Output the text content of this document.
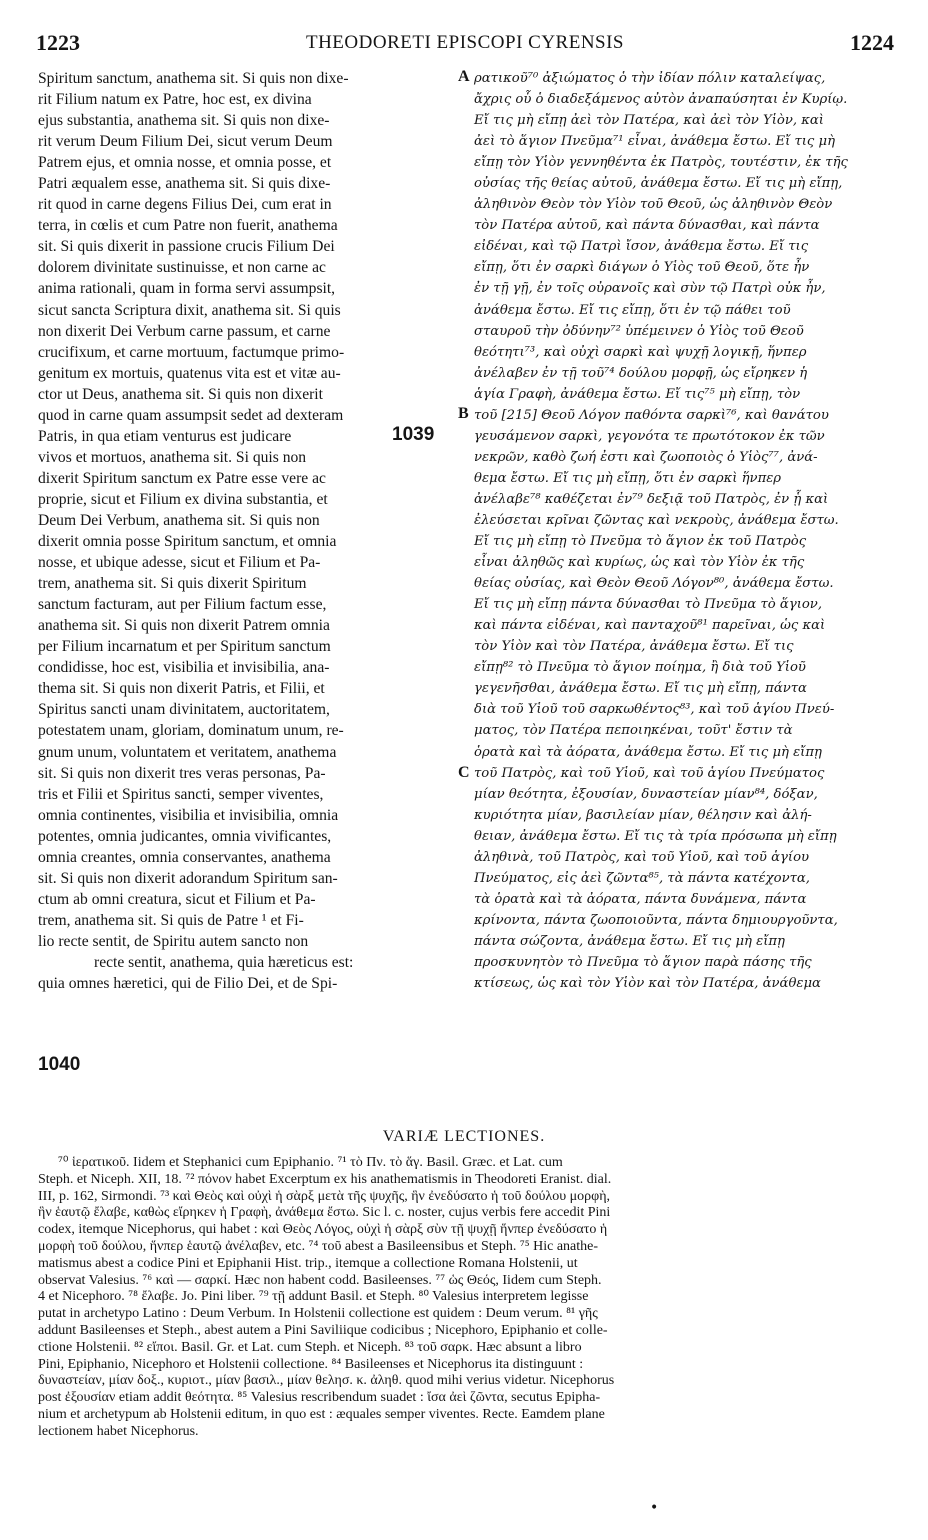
1223	THEODORETI EPISCOPI CYRENSIS	1224
Spiritum sanctum, anathema sit. Si quis non dixe-
rit Filium natum ex Patre, hoc est, ex divina
ejus substantia, anathema sit. Si quis non dixe-
rit verum Deum Filium Dei, sicut verum Deum
Patrem ejus, et omnia nosse, et omnia posse, et
Patri æqualem esse, anathema sit. Si quis dixe-
rit quod in carne degens Filius Dei, cum erat in
terra, in cœlis et cum Patre non fuerit, anathema
sit. Si quis dixerit in passione crucis Filium Dei
dolorem divinitate sustinuisse, et non carne ac
anima rationali, quam in forma servi assumpsit,
sicut sancta Scriptura dixit, anathema sit. Si quis
non dixerit Dei Verbum carne passum, et carne
crucifixum, et carne mortuum, factumque primo-
genitum ex mortuis, quatenus vita est et vitæ au-
ctor ut Deus, anathema sit. Si quis non dixerit
quod in carne quam assumpsit sedet ad dexteram
Patris, in qua etiam venturus est judicare
vivos et mortuos, anathema sit. Si quis non
dixerit Spiritum sanctum ex Patre esse vere ac
proprie, sicut et Filium ex divina substantia, et
Deum Dei Verbum, anathema sit. Si quis non
dixerit omnia posse Spiritum sanctum, et omnia
nosse, et ubique adesse, sicut et Filium et Pa-
trem, anathema sit. Si quis dixerit Spiritum
sanctum facturam, aut per Filium factum esse,
anathema sit. Si quis non dixerit Patrem omnia
per Filium incarnatum et per Spiritum sanctum
condidisse, hoc est, visibilia et invisibilia, ana-
thema sit. Si quis non dixerit Patris, et Filii, et
Spiritus sancti unam divinitatem, auctoritatem,
potestatem unam, gloriam, dominatum unum, re-
gnum unum, voluntatem et veritatem, anathema
sit. Si quis non dixerit tres veras personas, Pa-
tris et Filii et Spiritus sancti, semper viventes,
omnia continentes, visibilia et invisibilia, omnia
potentes, omnia judicantes, omnia vivificantes,
omnia creantes, omnia conservantes, anathema
sit. Si quis non dixerit adorandum Spiritum san-
ctum ab omni creatura, sicut et Filium et Pa-
trem, anathema sit. Si quis de Patre ¹ et Fi-
lio recte sentit, de Spiritu autem sancto non
recte sentit, anathema, quia hæreticus est:
quia omnes hæretici, qui de Filio Dei, et de Spi-
ρατικοῦ⁷⁰ ἀξιώματος ὁ τὴν ἰδίαν πόλιν καταλείψας,
ἄχρις οὗ ὁ διαδεξάμενος αὐτὸν ἀναπαύσηται ἐν Κυρίῳ.
Εἴ τις μὴ εἴπῃ ἀεὶ τὸν Πατέρα, καὶ ἀεὶ τὸν Υἱὸν, καὶ
ἀεὶ τὸ ἅγιον Πνεῦμα⁷¹ εἶναι, ἀνάθεμα ἔστω. Εἴ τις μὴ
εἴπῃ τὸν Υἱὸν γεννηθέντα ἐκ Πατρὸς, τουτέστιν, ἐκ τῆς
οὐσίας τῆς θείας αὐτοῦ, ἀνάθεμα ἔστω. Εἴ τις μὴ εἴπῃ,
ἀληθινὸν Θεὸν τὸν Υἱὸν τοῦ Θεοῦ, ὡς ἀληθινὸν Θεὸν
τὸν Πατέρα αὐτοῦ, καὶ πάντα δύνασθαι, καὶ πάντα
εἰδέναι, καὶ τῷ Πατρὶ ἴσον, ἀνάθεμα ἔστω. Εἴ τις
εἴπῃ, ὅτι ἐν σαρκὶ διάγων ὁ Υἱὸς τοῦ Θεοῦ, ὅτε ἦν
ἐν τῇ γῇ, ἐν τοῖς οὐρανοῖς καὶ σὺν τῷ Πατρὶ οὐκ ἦν,
ἀνάθεμα ἔστω. Εἴ τις εἴπῃ, ὅτι ἐν τῷ πάθει τοῦ
σταυροῦ τὴν ὀδύνην⁷² ὑπέμεινεν ὁ Υἱὸς τοῦ Θεοῦ
θεότητι⁷³, καὶ οὐχὶ σαρκὶ καὶ ψυχῇ λογικῇ, ἥνπερ
ἀνέλαβεν ἐν τῇ τοῦ⁷⁴ δούλου μορφῇ, ὡς εἴρηκεν ἡ
ἁγία Γραφὴ, ἀνάθεμα ἔστω. Εἴ τις⁷⁵ μὴ εἴπῃ, τὸν
τοῦ [215] Θεοῦ Λόγον παθόντα σαρκὶ⁷⁶, καὶ θανάτου
γευσάμενον σαρκὶ, γεγονότα τε πρωτότοκον ἐκ τῶν
νεκρῶν, καθὸ ζωή ἐστι καὶ ζωοποιὸς ὁ Υἱὸς⁷⁷, ἀνά-
θεμα ἔστω. Εἴ τις μὴ εἴπῃ, ὅτι ἐν σαρκὶ ἥνπερ
ἀνέλαβε⁷⁸ καθέζεται ἐν⁷⁹ δεξιᾷ τοῦ Πατρὸς, ἐν ᾗ καὶ
ἐλεύσεται κρῖναι ζῶντας καὶ νεκροὺς, ἀνάθεμα ἔστω.
Εἴ τις μὴ εἴπῃ τὸ Πνεῦμα τὸ ἅγιον ἐκ τοῦ Πατρὸς
εἶναι ἀληθῶς καὶ κυρίως, ὡς καὶ τὸν Υἱὸν ἐκ τῆς
θείας οὐσίας, καὶ Θεὸν Θεοῦ Λόγον⁸⁰, ἀνάθεμα ἔστω.
Εἴ τις μὴ εἴπῃ πάντα δύνασθαι τὸ Πνεῦμα τὸ ἅγιον,
καὶ πάντα εἰδέναι, καὶ πανταχοῦ⁸¹ παρεῖναι, ὡς καὶ
τὸν Υἱὸν καὶ τὸν Πατέρα, ἀνάθεμα ἔστω. Εἴ τις
εἴπῃ⁸² τὸ Πνεῦμα τὸ ἅγιον ποίημα, ἢ διὰ τοῦ Υἱοῦ
γεγενῆσθαι, ἀνάθεμα ἔστω. Εἴ τις μὴ εἴπῃ, πάντα
διὰ τοῦ Υἱοῦ τοῦ σαρκωθέντος⁸³, καὶ τοῦ ἁγίου Πνεύ-
ματος, τὸν Πατέρα πεποιηκέναι, τοῦτ' ἔστιν τὰ
ὁρατὰ καὶ τὰ ἀόρατα, ἀνάθεμα ἔστω. Εἴ τις μὴ εἴπῃ
τοῦ Πατρὸς, καὶ τοῦ Υἱοῦ, καὶ τοῦ ἁγίου Πνεύματος
μίαν θεότητα, ἐξουσίαν, δυναστείαν μίαν⁸⁴, δόξαν,
κυριότητα μίαν, βασιλείαν μίαν, θέλησιν καὶ ἀλή-
θειαν, ἀνάθεμα ἔστω. Εἴ τις τὰ τρία πρόσωπα μὴ εἴπῃ
ἀληθινὰ, τοῦ Πατρὸς, καὶ τοῦ Υἱοῦ, καὶ τοῦ ἁγίου
Πνεύματος, εἰς ἀεὶ ζῶντα⁸⁵, τὰ πάντα κατέχοντα,
τὰ ὁρατὰ καὶ τὰ ἀόρατα, πάντα δυνάμενα, πάντα
κρίνοντα, πάντα ζωοποιοῦντα, πάντα δημιουργοῦντα,
πάντα σώζοντα, ἀνάθεμα ἔστω. Εἴ τις μὴ εἴπῃ
προσκυνητὸν τὸ Πνεῦμα τὸ ἅγιον παρὰ πάσης τῆς
κτίσεως, ὡς καὶ τὸν Υἱὸν καὶ τὸν Πατέρα, ἀνάθεμα
A
B
C
1039
1040
VARIÆ LECTIONES.
⁷⁰ ἱερατικοῦ. Iidem et Stephanici cum Epiphanio. ⁷¹ τὸ Πν. τὸ ἅγ. Basil. Græc. et Lat. cum
Steph. et Niceph. XII, 18. ⁷² πόνον habet Excerptum ex his anathematismis in Theodoreti Eranist. dial.
III, p. 162, Sirmondi. ⁷³ καὶ Θεὸς καὶ οὐχὶ ἡ σὰρξ μετὰ τῆς ψυχῆς, ἣν ἐνεδύσατο ἡ τοῦ δούλου μορφὴ,
ἣν ἑαυτῷ ἔλαβε, καθὼς εἴρηκεν ἡ Γραφὴ, ἀνάθεμα ἔστω. Sic l. c. noster, cujus verbis fere accedit Pini
codex, itemque Nicephorus, qui habet : καὶ Θεὸς Λόγος, οὐχὶ ἡ σὰρξ σὺν τῇ ψυχῇ ἥνπερ ἐνεδύσατο ἡ
μορφὴ τοῦ δούλου, ἥνπερ ἑαυτῷ ἀνέλαβεν, etc. ⁷⁴ τοῦ abest a Basileensibus et Steph. ⁷⁵ Hic anathe-
matismus abest a codice Pini et Epiphanii Hist. trip., itemque a collectione Romana Holstenii, ut
observat Valesius. ⁷⁶ καὶ — σαρκί. Hæc non habent codd. Basileenses. ⁷⁷ ὡς Θεός, Iidem cum Steph.
4 et Nicephoro. ⁷⁸ ἔλαβε. Jo. Pini liber. ⁷⁹ τῇ addunt Basil. et Steph. ⁸⁰ Valesius interpretem legisse
putat in archetypo Latino : Deum Verbum. In Holstenii collectione est quidem : Deum verum. ⁸¹ γῆς
addunt Basileenses et Steph., abest autem a Pini Saviliique codicibus ; Nicephoro, Epiphanio et colle-
ctione Holstenii. ⁸² εἴποι. Basil. Gr. et Lat. cum Steph. et Niceph. ⁸³ τοῦ σαρκ. Hæc absunt a libro
Pini, Epiphanio, Nicephoro et Holstenii collectione. ⁸⁴ Basileenses et Nicephorus ita distinguunt :
δυναστείαν, μίαν δοξ., κυριοτ., μίαν βασιλ., μίαν θελησ. κ. ἀληθ. quod mihi verius videtur. Nicephorus
post ἐξουσίαν etiam addit θεότητα. ⁸⁵ Valesius rescribendum suadet : ἴσα ἀεὶ ζῶντα, secutus Epipha-
nium et archetypum ab Holstenii editum, in quo est : æquales semper viventes. Recte. Eamdem plane
lectionem habet Nicephorus.
•
